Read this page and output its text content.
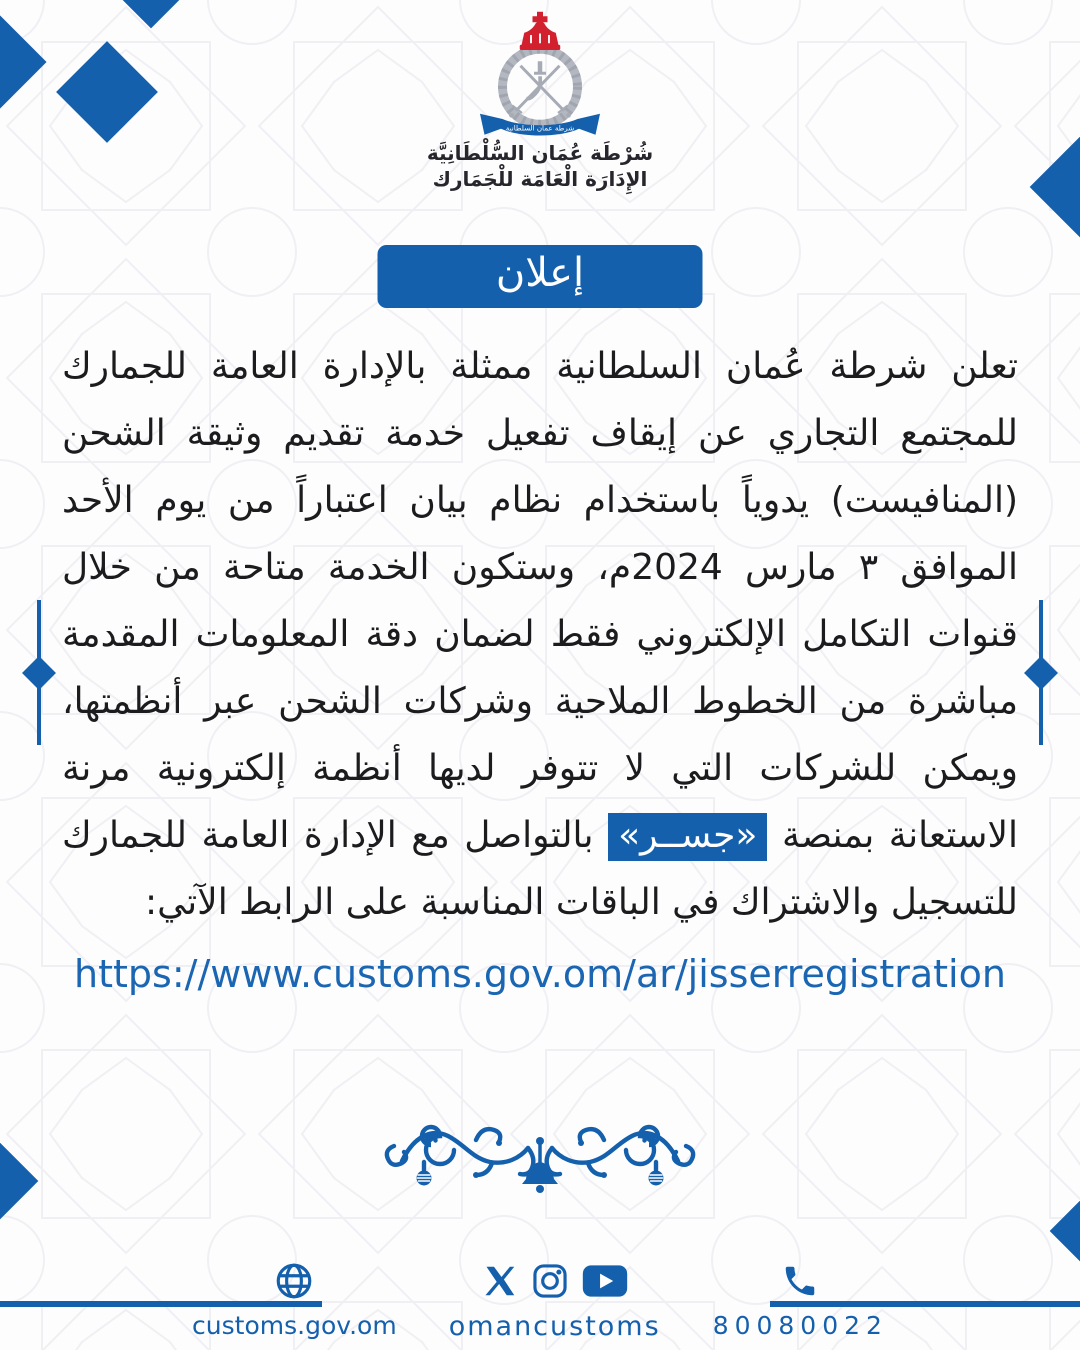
شرطة عمان السلطانية
شُرْطَة عُمَان السُّلْطَانِيَّة
الإِدَارَة الْعَامَة للْجَمَارك
إعلان

تعلن شرطة عُمان السلطانية ممثلة بالإدارة العامة للجمارك للمجتمع التجاري عن إيقاف تفعيل خدمة تقديم وثيقة الشحن (المنافيست) يدوياً باستخدام نظام بيان اعتباراً من يوم الأحد الموافق ٣ مارس 2024م، وستكون الخدمة متاحة من خلال قنوات التكامل الإلكتروني فقط لضمان دقة المعلومات المقدمة مباشرة من الخطوط الملاحية وشركات الشحن عبر أنظمتها، ويمكن للشركات التي لا تتوفر لديها أنظمة إلكترونية مرنة الاستعانة بمنصة «جســر» بالتواصل مع الإدارة العامة للجمارك للتسجيل والاشتراك في الباقات المناسبة على الرابط الآتي:

https://www.customs.gov.om/ar/jisserregistration
customs.gov.om omancustoms 80080022
